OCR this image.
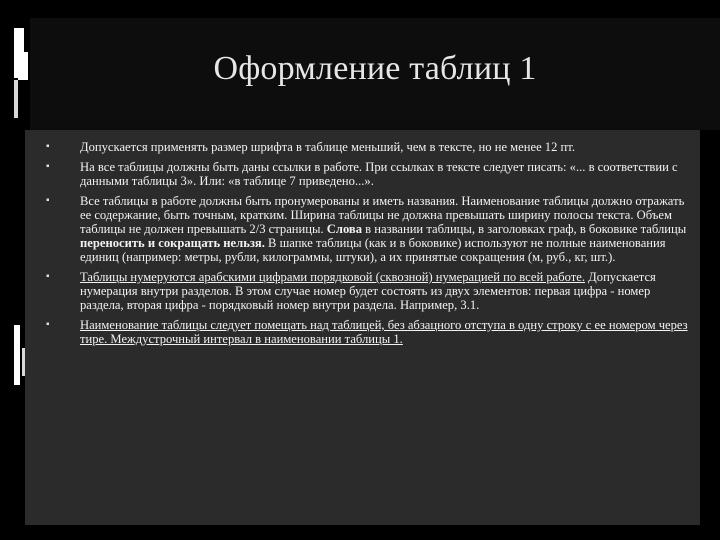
Оформление таблиц 1
▪ Допускается применять размер шрифта в таблице меньший, чем в тексте, но не менее 12 пт.
▪ На все таблицы должны быть даны ссылки в работе. При ссылках в тексте следует писать: «... в соответствии с данными таблицы 3». Или: «в таблице 7 приведено...».
▪ Все таблицы в работе должны быть пронумерованы и иметь названия. Наименование таблицы должно отражать ее содержание, быть точным, кратким. Ширина таблицы не должна превышать ширину полосы текста. Объем таблицы не должен превышать 2/3 страницы. Слова в названии таблицы, в заголовках граф, в боковике таблицы переносить и сокращать нельзя. В шапке таблицы (как и в боковике) используют не полные наименования единиц (например: метры, рубли, килограммы, штуки), а их принятые сокращения (м, руб., кг, шт.).
▪ Таблицы нумеруются арабскими цифрами порядковой (сквозной) нумерацией по всей работе. Допускается нумерация внутри разделов. В этом случае номер будет состоять из двух элементов: первая цифра - номер раздела, вторая цифра - порядковый номер внутри раздела. Например, 3.1.
▪ Наименование таблицы следует помещать над таблицей, без абзацного отступа в одну строку с ее номером через тире. Междустрочный интервал в наименовании таблицы 1.
